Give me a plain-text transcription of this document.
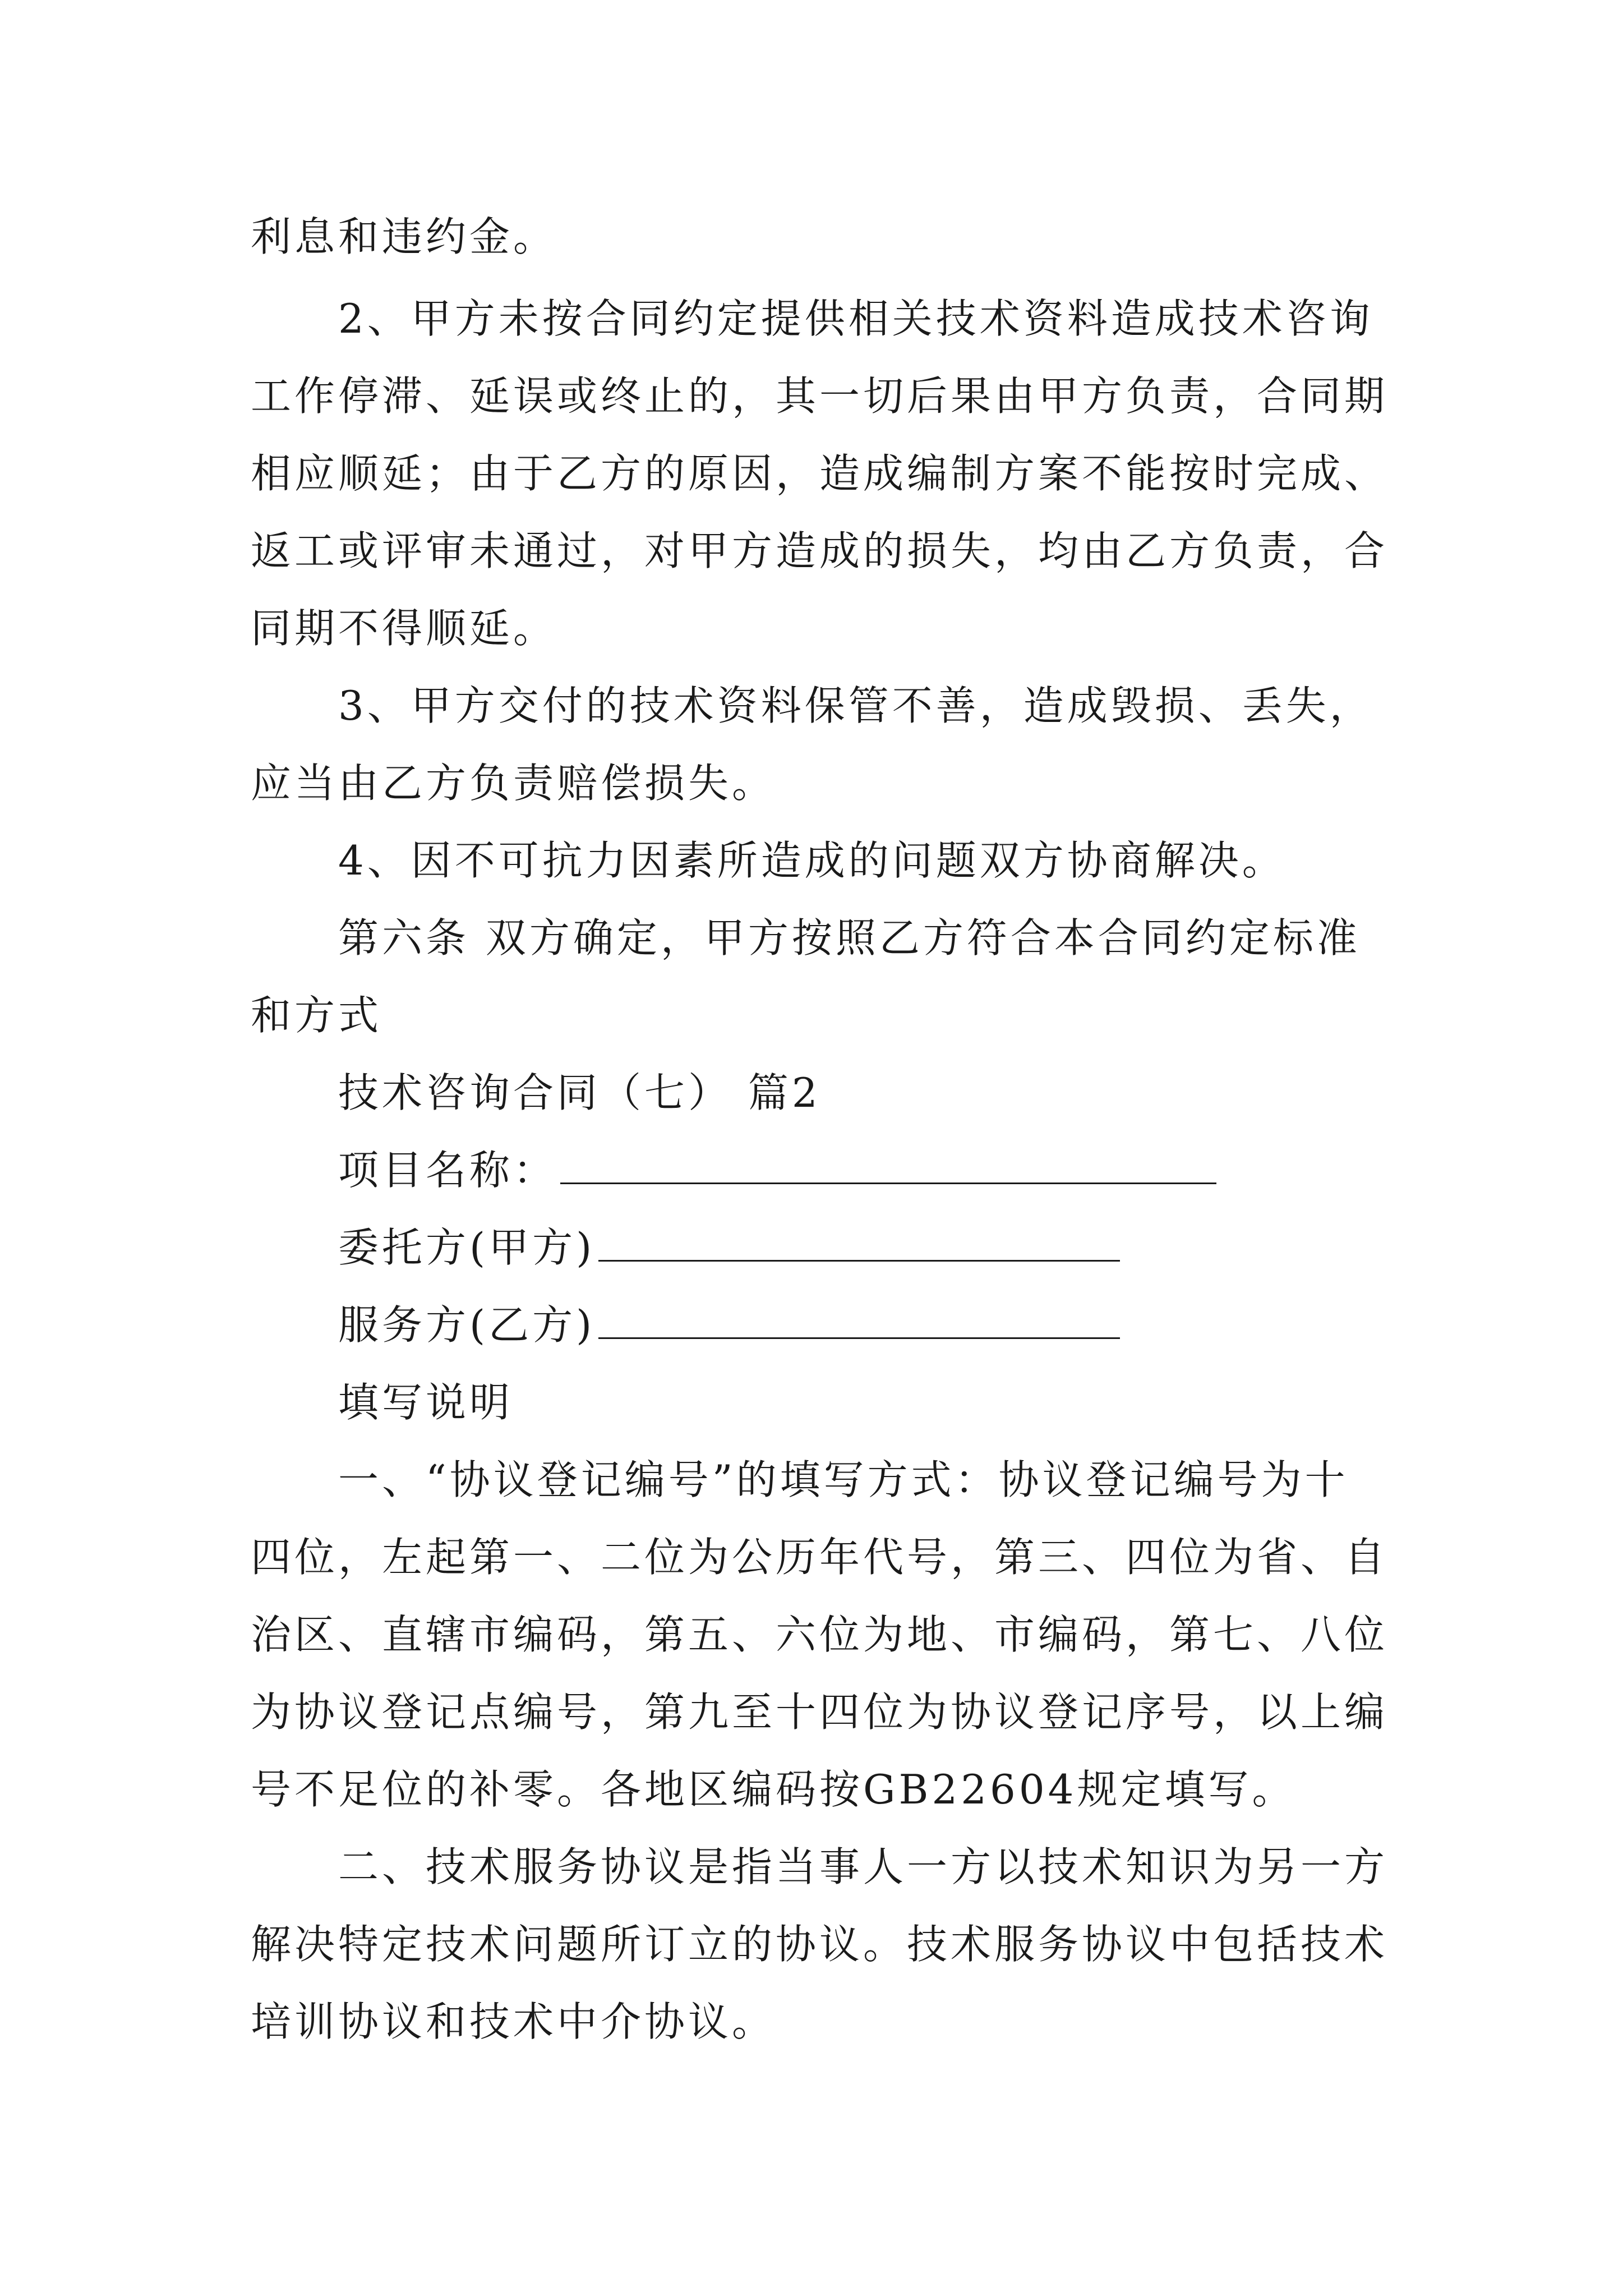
利息和违约金。
2、甲方未按合同约定提供相关技术资料造成技术咨询
工作停滞、延误或终止的，其一切后果由甲方负责，合同期
相应顺延；由于乙方的原因，造成编制方案不能按时完成、
返工或评审未通过，对甲方造成的损失，均由乙方负责，合
同期不得顺延。
3、甲方交付的技术资料保管不善，造成毁损、丢失，
应当由乙方负责赔偿损失。
4、因不可抗力因素所造成的问题双方协商解决。
第六条 双方确定，甲方按照乙方符合本合同约定标准
和方式
技术咨询合同（七） 篇2
项目名称：
委托方(甲方)
服务方(乙方)
填写说明
一、“协议登记编号”的填写方式：协议登记编号为十
四位，左起第一、二位为公历年代号，第三、四位为省、自
治区、直辖市编码，第五、六位为地、市编码，第七、八位
为协议登记点编号，第九至十四位为协议登记序号，以上编
号不足位的补零。各地区编码按GB22604规定填写。
二、技术服务协议是指当事人一方以技术知识为另一方
解决特定技术问题所订立的协议。技术服务协议中包括技术
培训协议和技术中介协议。
